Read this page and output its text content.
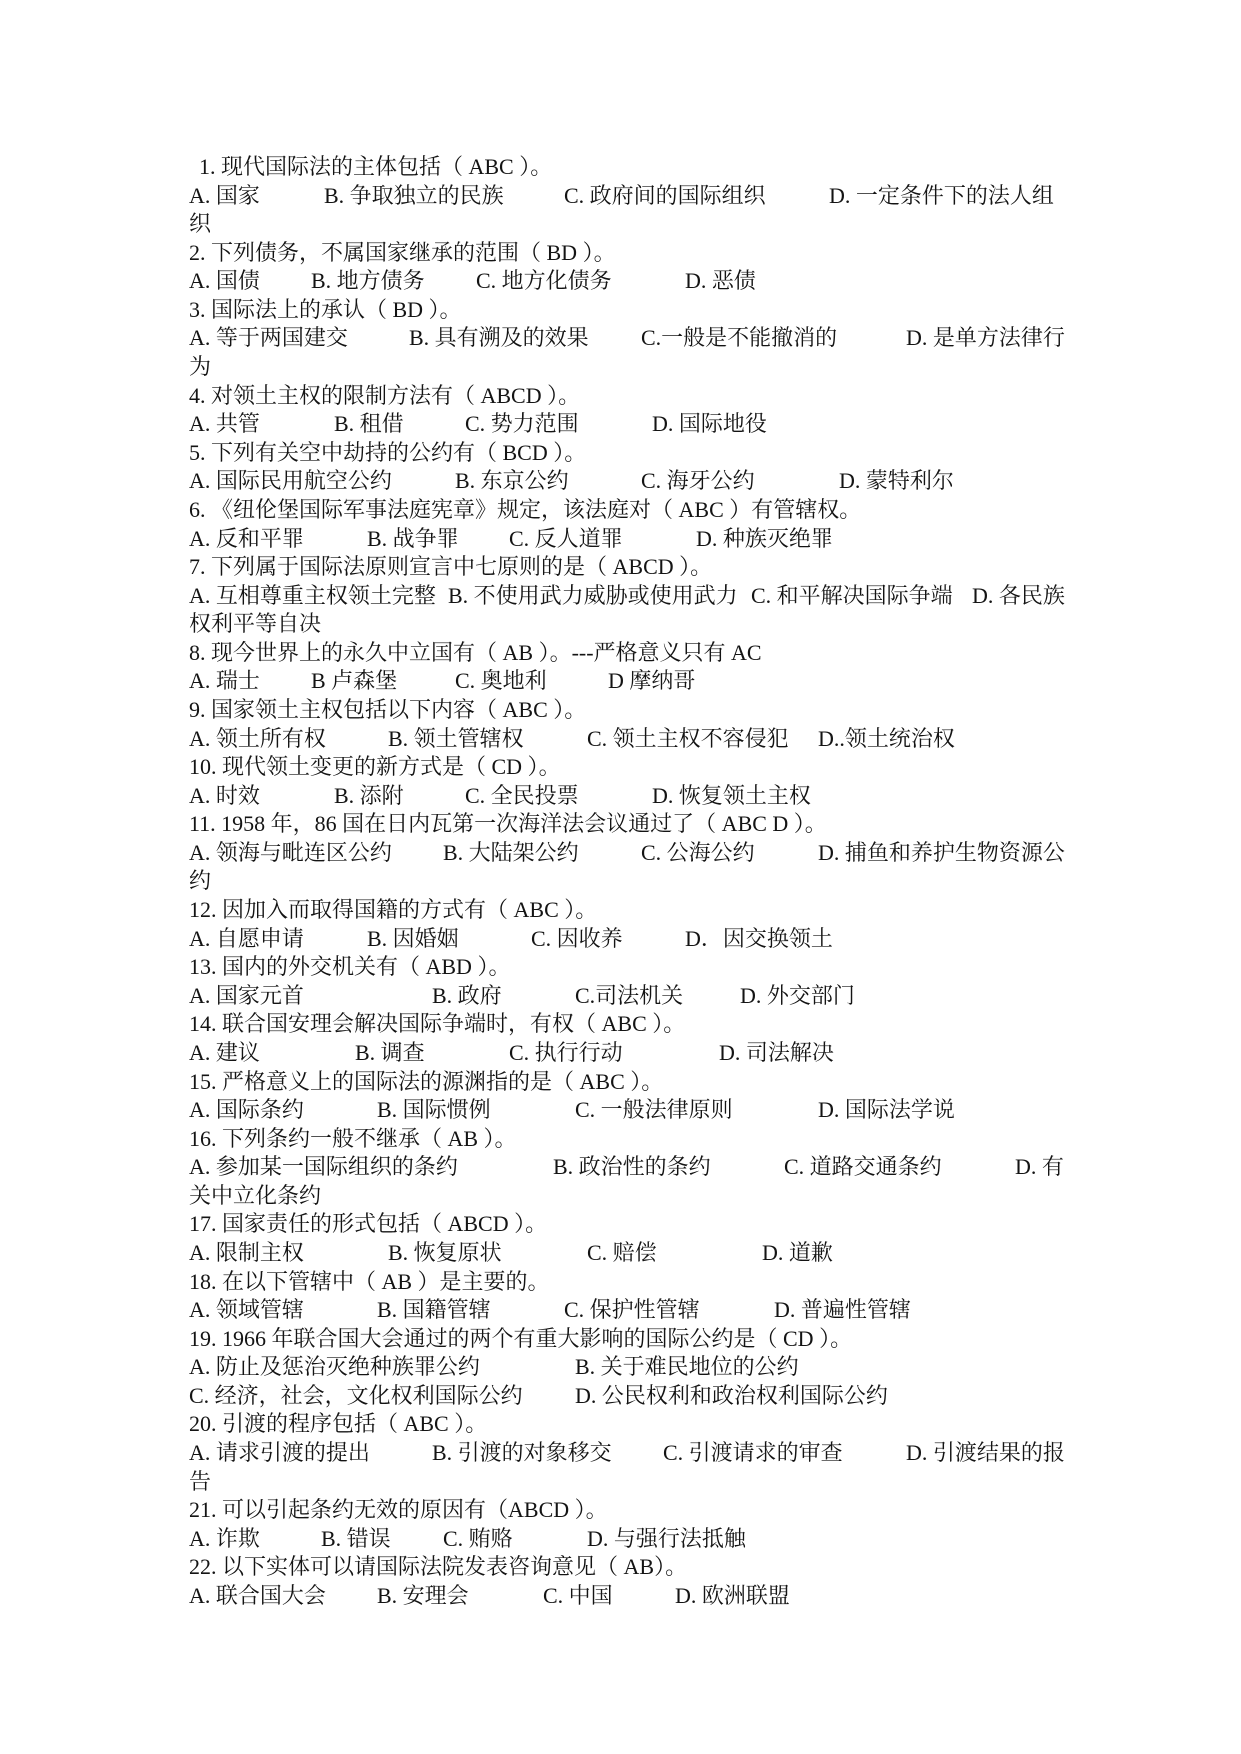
1. 现代国际法的主体包括（ ABC ）。
A. 国家	B. 争取独立的民族	C. 政府间的国际组织	D. 一定条件下的法人组
织
2. 下列债务，不属国家继承的范围（ BD ）。
A. 国债 B. 地方债务 C. 地方化债务	D. 恶债
3. 国际法上的承认（ BD ）。
A. 等于两国建交	B. 具有溯及的效果 C.一般是不能撤消的	D. 是单方法律行
为
4. 对领土主权的限制方法有（ ABCD ）。
A. 共管	B. 租借	C. 势力范围	D. 国际地役
5. 下列有关空中劫持的公约有（ BCD ）。
A. 国际民用航空公约	B. 东京公约	C. 海牙公约	D. 蒙特利尔
6. 《纽伦堡国际军事法庭宪章》规定，该法庭对（ ABC ）有管辖权。
A. 反和平罪	B. 战争罪 C. 反人道罪	D. 种族灭绝罪
7. 下列属于国际法原则宣言中七原则的是（ ABCD ）。
A. 互相尊重主权领土完整 B. 不使用武力威胁或使用武力 C. 和平解决国际争端 D. 各民族
权利平等自决
8. 现今世界上的永久中立国有（ AB ）。---严格意义只有 AC
A. 瑞士 B 卢森堡	C. 奥地利	D 摩纳哥
9. 国家领土主权包括以下内容（ ABC ）。
A. 领土所有权	B. 领土管辖权	C. 领土主权不容侵犯 D..领土统治权
10. 现代领土变更的新方式是（ CD ）。
A. 时效	B. 添附	C. 全民投票	D. 恢复领土主权
11. 1958 年，86 国在日内瓦第一次海洋法会议通过了（ ABC D ）。
A. 领海与毗连区公约 B. 大陆架公约	C. 公海公约	D. 捕鱼和养护生物资源公
约
12. 因加入而取得国籍的方式有（ ABC ）。
A. 自愿申请	B. 因婚姻	C. 因收养	D．因交换领土
13. 国内的外交机关有（ ABD ）。
A. 国家元首	B. 政府	C.司法机关	D. 外交部门
14. 联合国安理会解决国际争端时，有权（ ABC ）。
A. 建议	B. 调查	C. 执行行动	D. 司法解决
15. 严格意义上的国际法的源渊指的是（ ABC ）。
A. 国际条约	B. 国际惯例	C. 一般法律原则	D. 国际法学说
16. 下列条约一般不继承（ AB ）。
A. 参加某一国际组织的条约	B. 政治性的条约	C. 道路交通条约	D. 有
关中立化条约
17. 国家责任的形式包括（ ABCD ）。
A. 限制主权	B. 恢复原状	C. 赔偿	D. 道歉
18. 在以下管辖中（ AB ）是主要的。
A. 领域管辖	B. 国籍管辖	C. 保护性管辖	D. 普遍性管辖
19. 1966 年联合国大会通过的两个有重大影响的国际公约是（ CD ）。
A. 防止及惩治灭绝种族罪公约	B. 关于难民地位的公约
C. 经济，社会，文化权利国际公约 D. 公民权利和政治权利国际公约
20. 引渡的程序包括（ ABC ）。
A. 请求引渡的提出	B. 引渡的对象移交 C. 引渡请求的审查	D. 引渡结果的报
告
21. 可以引起条约无效的原因有（ABCD ）。
A. 诈欺	B. 错误 C. 贿赂	D. 与强行法抵触
22. 以下实体可以请国际法院发表咨询意见（ AB）。
A. 联合国大会 B. 安理会	C. 中国	D. 欧洲联盟
